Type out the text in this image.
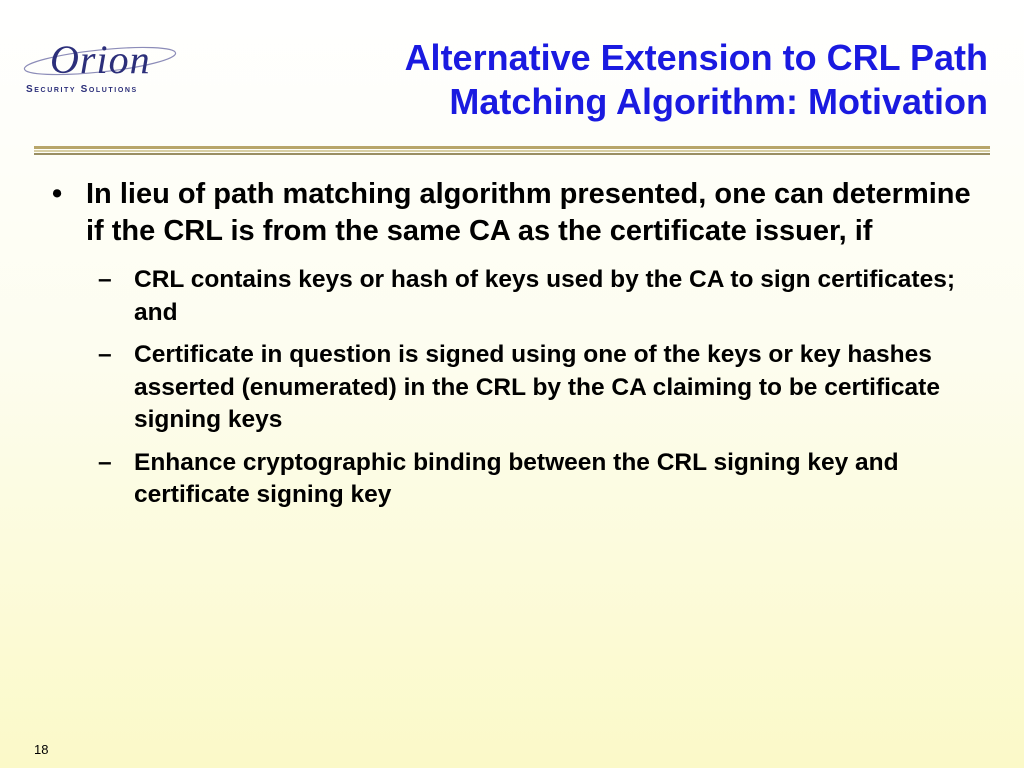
Orion
Security Solutions
Alternative Extension to CRL Path
Matching Algorithm: Motivation
• In lieu of path matching algorithm presented, one can determine if the CRL is from the same CA as the certificate issuer, if
– CRL contains keys or hash of keys used by the CA to sign certificates; and
– Certificate in question is signed using one of the keys or key hashes asserted (enumerated) in the CRL by the CA claiming to be certificate signing keys
– Enhance cryptographic binding between the CRL signing key and certificate signing key
18
